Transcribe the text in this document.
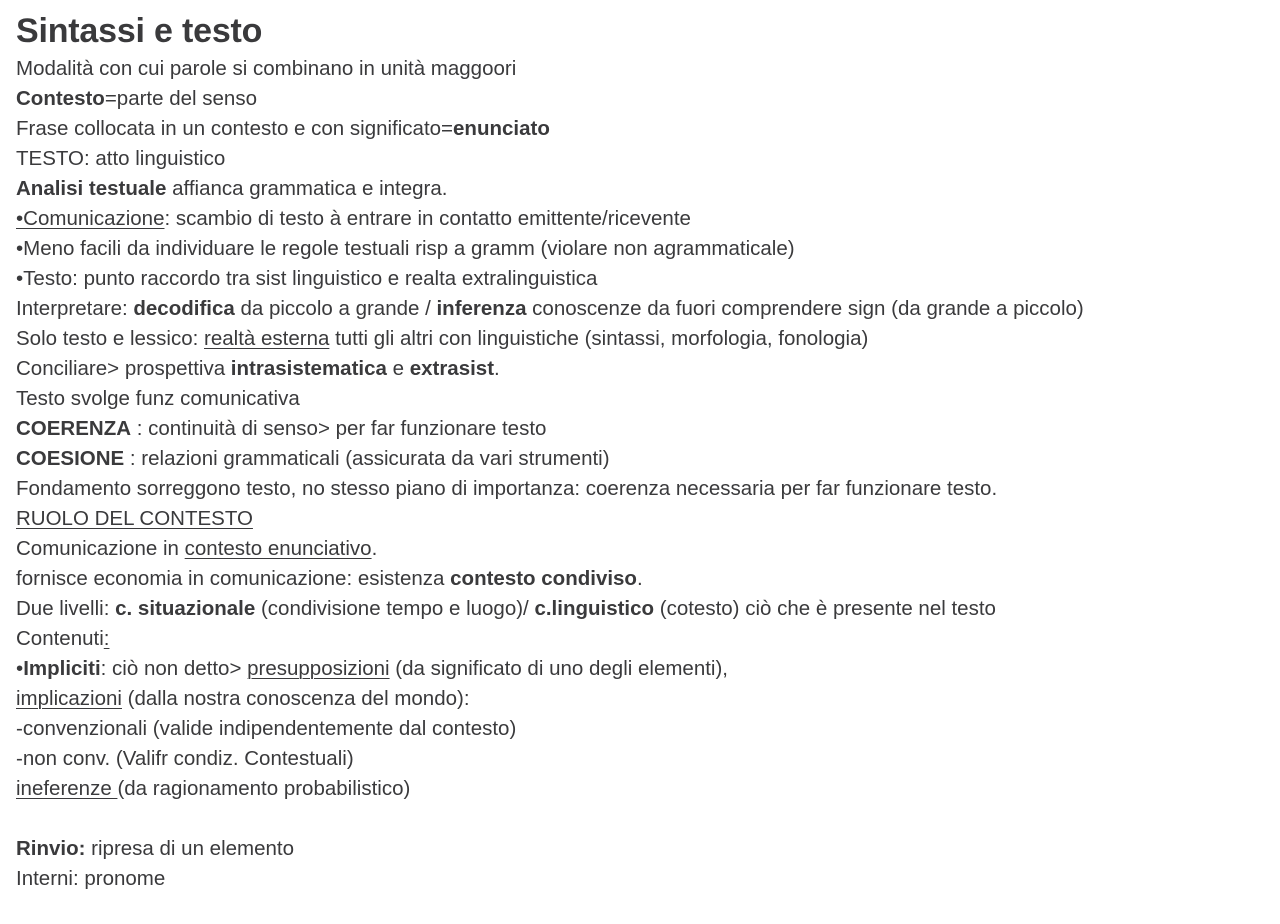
Sintassi e testo
Modalità con cui parole si combinano in unità maggoori
Contesto=parte del senso
Frase collocata in un contesto e con significato=enunciato
TESTO: atto linguistico
Analisi testuale affianca grammatica e integra.
•Comunicazione: scambio di testo à entrare in contatto emittente/ricevente
•Meno facili da individuare le regole testuali risp a gramm (violare non agrammaticale)
•Testo: punto raccordo tra sist linguistico e realta extralinguistica
Interpretare: decodifica da piccolo a grande / inferenza conoscenze da fuori comprendere sign (da grande a piccolo)
Solo testo e lessico: realtà esterna tutti gli altri con linguistiche (sintassi, morfologia, fonologia)
Conciliare> prospettiva intrasistematica e extrasist.
Testo svolge funz comunicativa
COERENZA : continuità di senso> per far funzionare testo
COESIONE : relazioni grammaticali (assicurata da vari strumenti)
Fondamento sorreggono testo, no stesso piano di importanza: coerenza necessaria per far funzionare testo.
RUOLO DEL CONTESTO
Comunicazione in contesto enunciativo.
fornisce economia in comunicazione: esistenza contesto condiviso.
Due livelli: c. situazionale (condivisione tempo e luogo)/ c.linguistico (cotesto) ciò che è presente nel testo
Contenuti:
•Impliciti: ciò non detto> presupposizioni (da significato di uno degli elementi),
implicazioni (dalla nostra conoscenza del mondo):
-convenzionali (valide indipendentemente dal contesto)
-non conv. (Valifr condiz. Contestuali)
ineferenze (da ragionamento probabilistico)
Rinvio: ripresa di un elemento
Interni: pronome
